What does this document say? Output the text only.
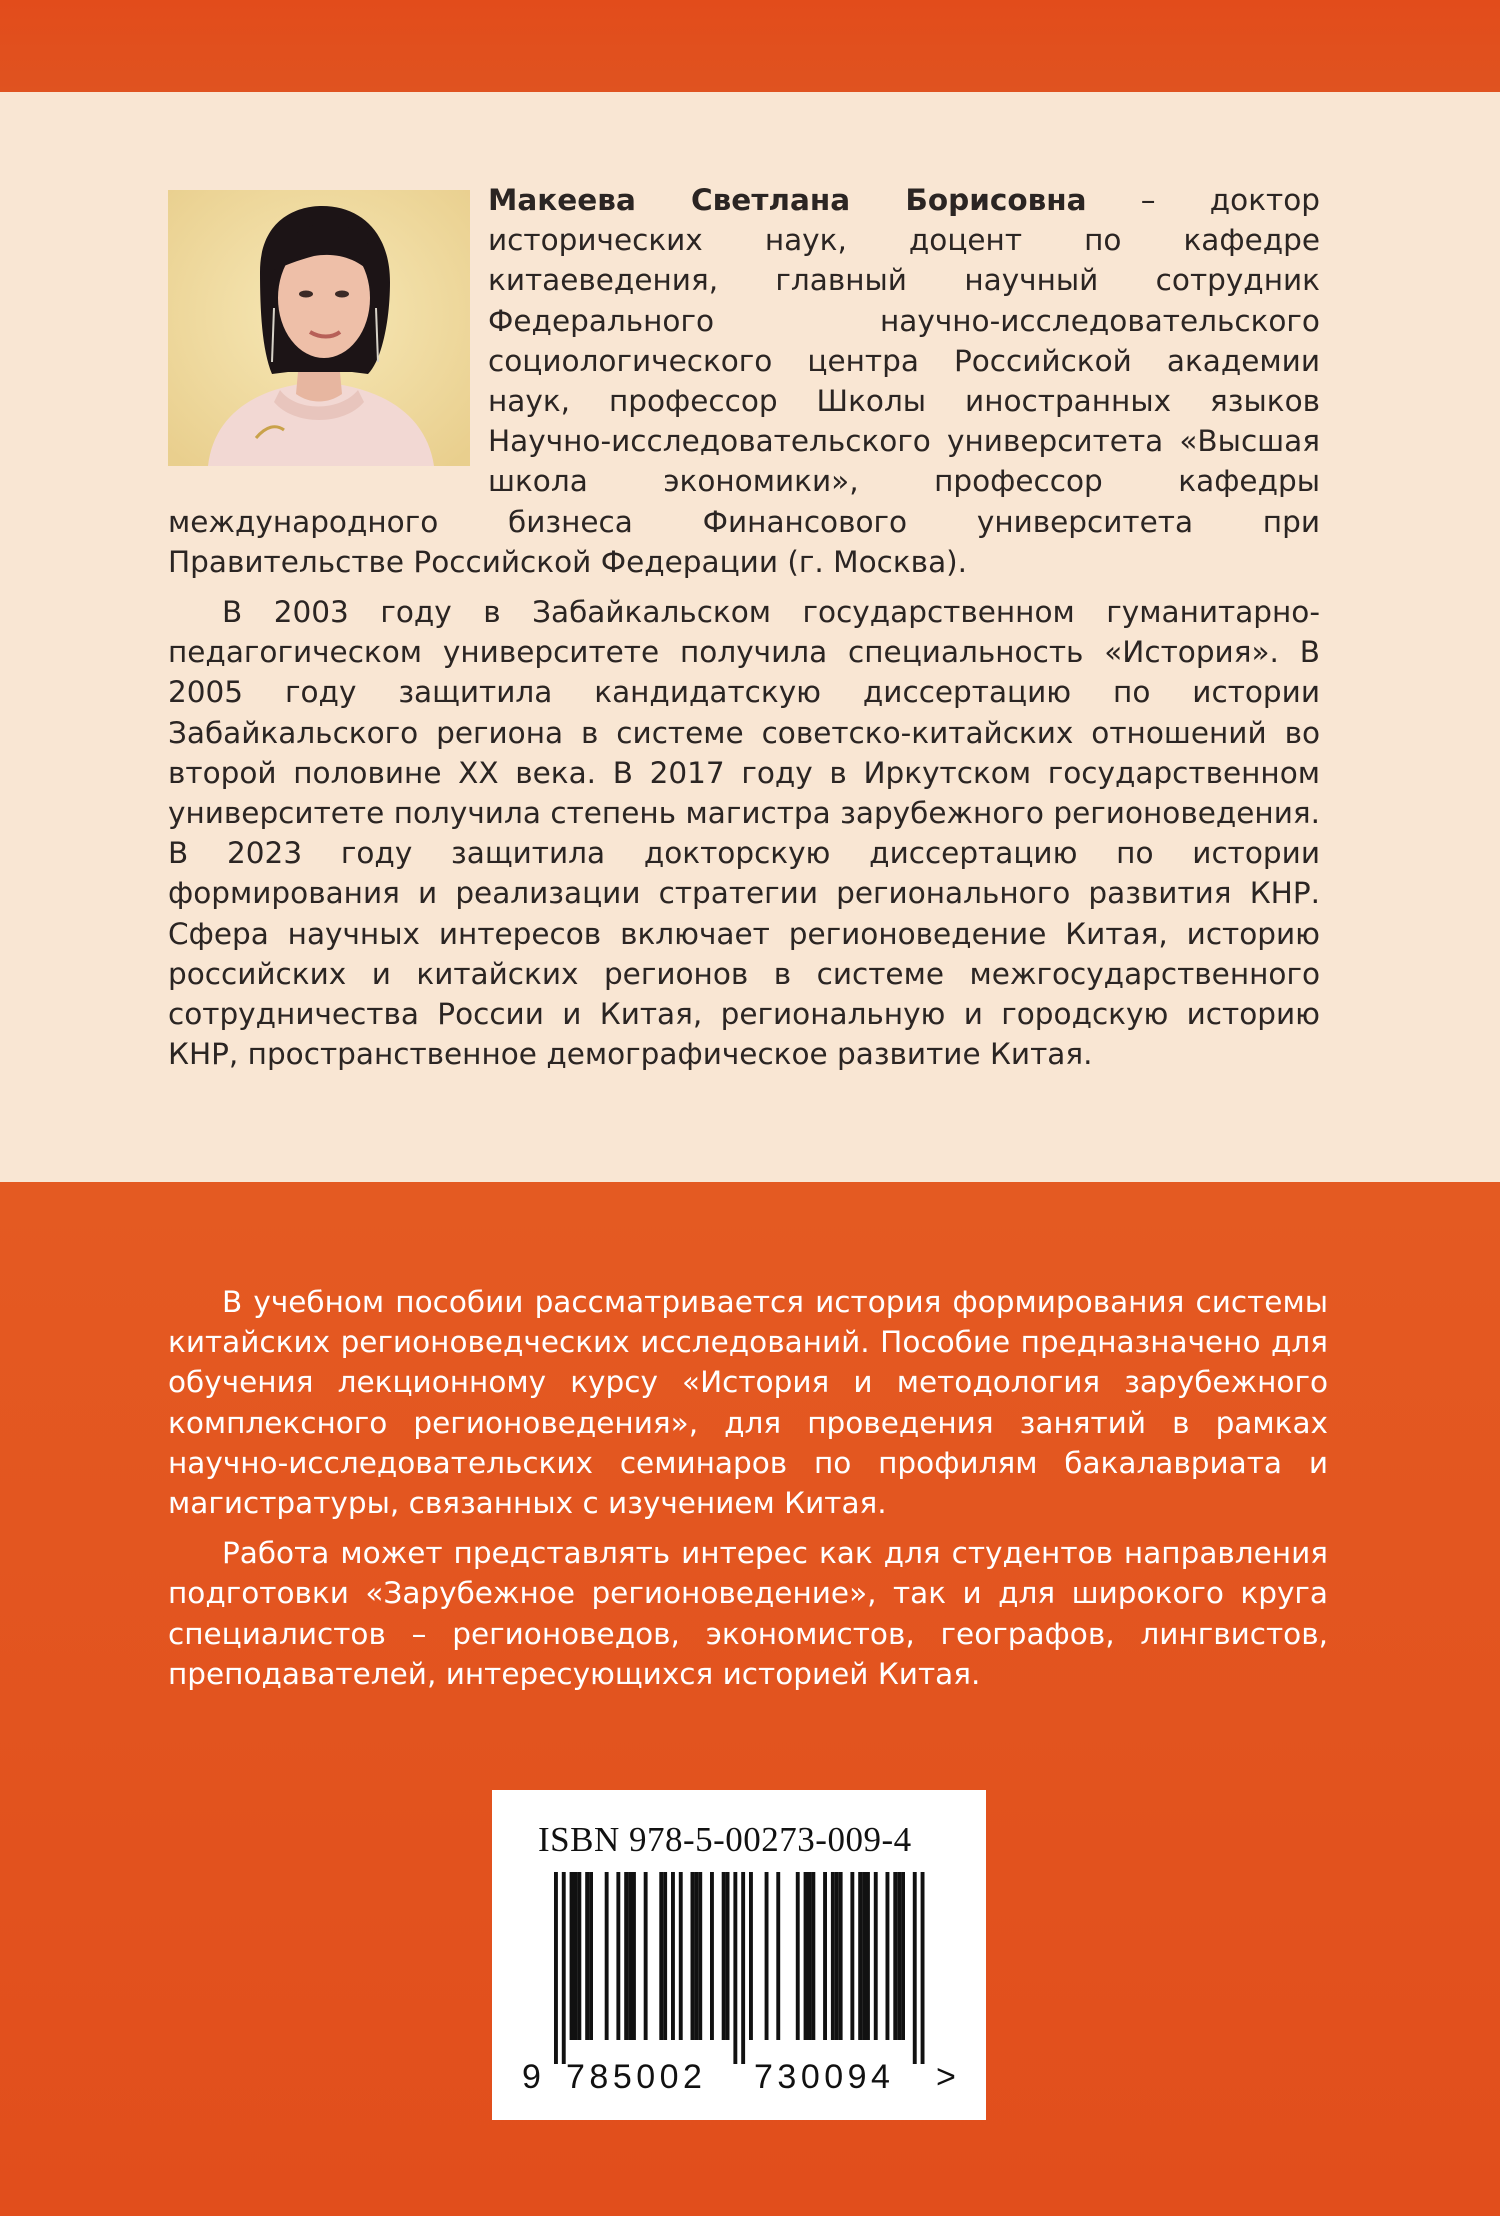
Макеева Светлана Борисовна – доктор исторических наук, доцент по кафедре китаеведения, главный научный сотрудник Федерального научно-исследовательского социологического центра Российской академии наук, профессор Школы иностранных языков Научно-исследовательского университета «Высшая школа экономики», профессор кафедры международного бизнеса Финансового университета при Правительстве Российской Федерации (г. Москва).

В 2003 году в Забайкальском государственном гуманитарно-педагогическом университете получила специальность «История». В 2005 году защитила кандидатскую диссертацию по истории Забайкальского региона в системе советско-китайских отношений во второй половине XX века. В 2017 году в Иркутском государственном университете получила степень магистра зарубежного регионоведения. В 2023 году защитила докторскую диссертацию по истории формирования и реализации стратегии регионального развития КНР. Сфера научных интересов включает регионоведение Китая, историю российских и китайских регионов в системе межгосударственного сотрудничества России и Китая, региональную и городскую историю КНР, пространственное демографическое развитие Китая.

В учебном пособии рассматривается история формирования системы китайских регионоведческих исследований. Пособие предназначено для обучения лекционному курсу «История и методология зарубежного комплексного регионоведения», для проведения занятий в рамках научно-исследовательских семинаров по профилям бакалавриата и магистратуры, связанных с изучением Китая.

Работа может представлять интерес как для студентов направления подготовки «Зарубежное регионоведение», так и для широкого круга специалистов – регионоведов, экономистов, географов, лингвистов, преподавателей, интересующихся историей Китая.

ISBN 978-5-00273-009-4
9 785002 730094 >
